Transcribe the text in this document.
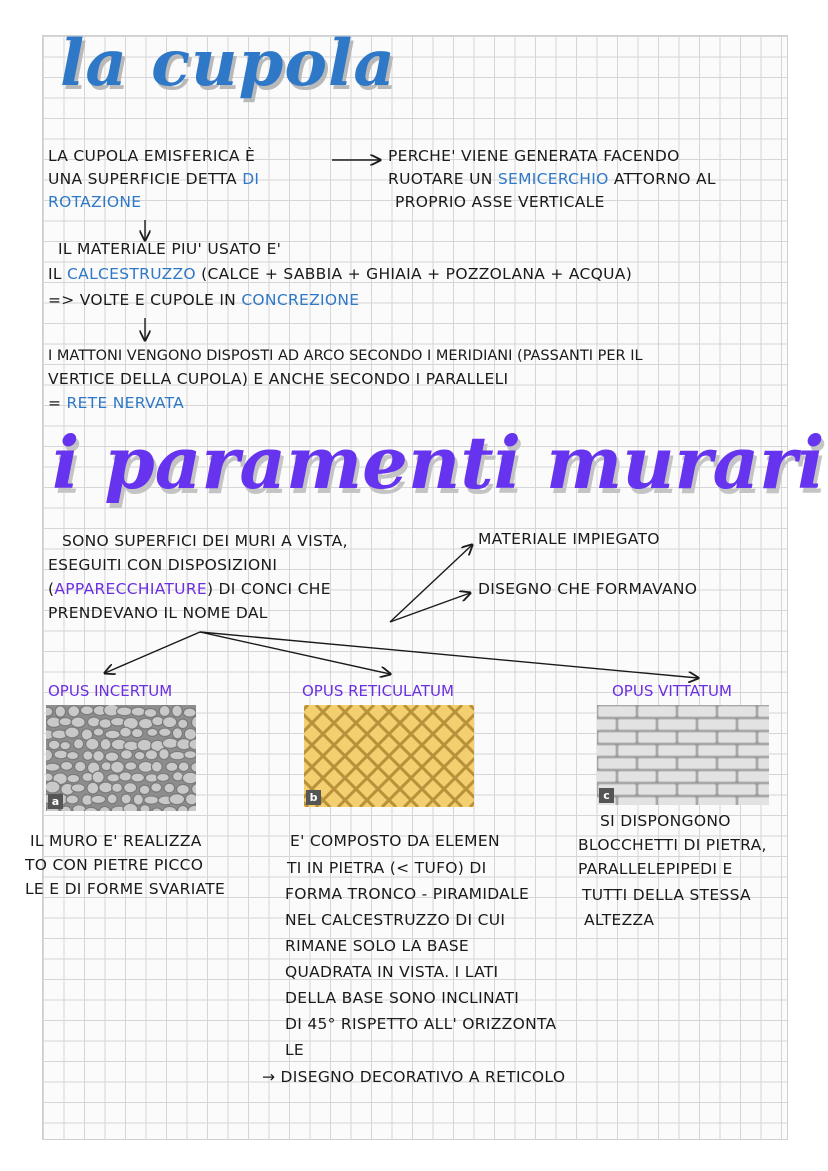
la cupola
LA CUPOLA EMISFERICA È
UNA SUPERFICIE DETTA DI
ROTAZIONE
PERCHE' VIENE GENERATA FACENDO
RUOTARE UN SEMICERCHIO ATTORNO AL
PROPRIO ASSE VERTICALE
IL MATERIALE PIU' USATO E'
IL CALCESTRUZZO (CALCE + SABBIA + GHIAIA + POZZOLANA + ACQUA)
=> VOLTE E CUPOLE IN CONCREZIONE
I MATTONI VENGONO DISPOSTI AD ARCO SECONDO I MERIDIANI (PASSANTI PER IL
VERTICE DELLA CUPOLA) E ANCHE SECONDO I PARALLELI
= RETE NERVATA
i paramenti murari
SONO SUPERFICI DEI MURI A VISTA,
ESEGUITI CON DISPOSIZIONI
(APPARECCHIATURE) DI CONCI CHE
PRENDEVANO IL NOME DAL
MATERIALE IMPIEGATO
DISEGNO CHE FORMAVANO
OPUS INCERTUM	OPUS RETICULATUM	OPUS VITTATUM
a	b	c
IL MURO E' REALIZZA
TO CON PIETRE PICCO
LE E DI FORME SVARIATE
E' COMPOSTO DA ELEMEN
TI IN PIETRA (< TUFO) DI
FORMA TRONCO - PIRAMIDALE
NEL CALCESTRUZZO DI CUI
RIMANE SOLO LA BASE
QUADRATA IN VISTA. I LATI
DELLA BASE SONO INCLINATI
DI 45° RISPETTO ALL' ORIZZONTA
LE
→ DISEGNO DECORATIVO A RETICOLO
SI DISPONGONO
BLOCCHETTI DI PIETRA,
PARALLELEPIPEDI E
TUTTI DELLA STESSA
ALTEZZA
